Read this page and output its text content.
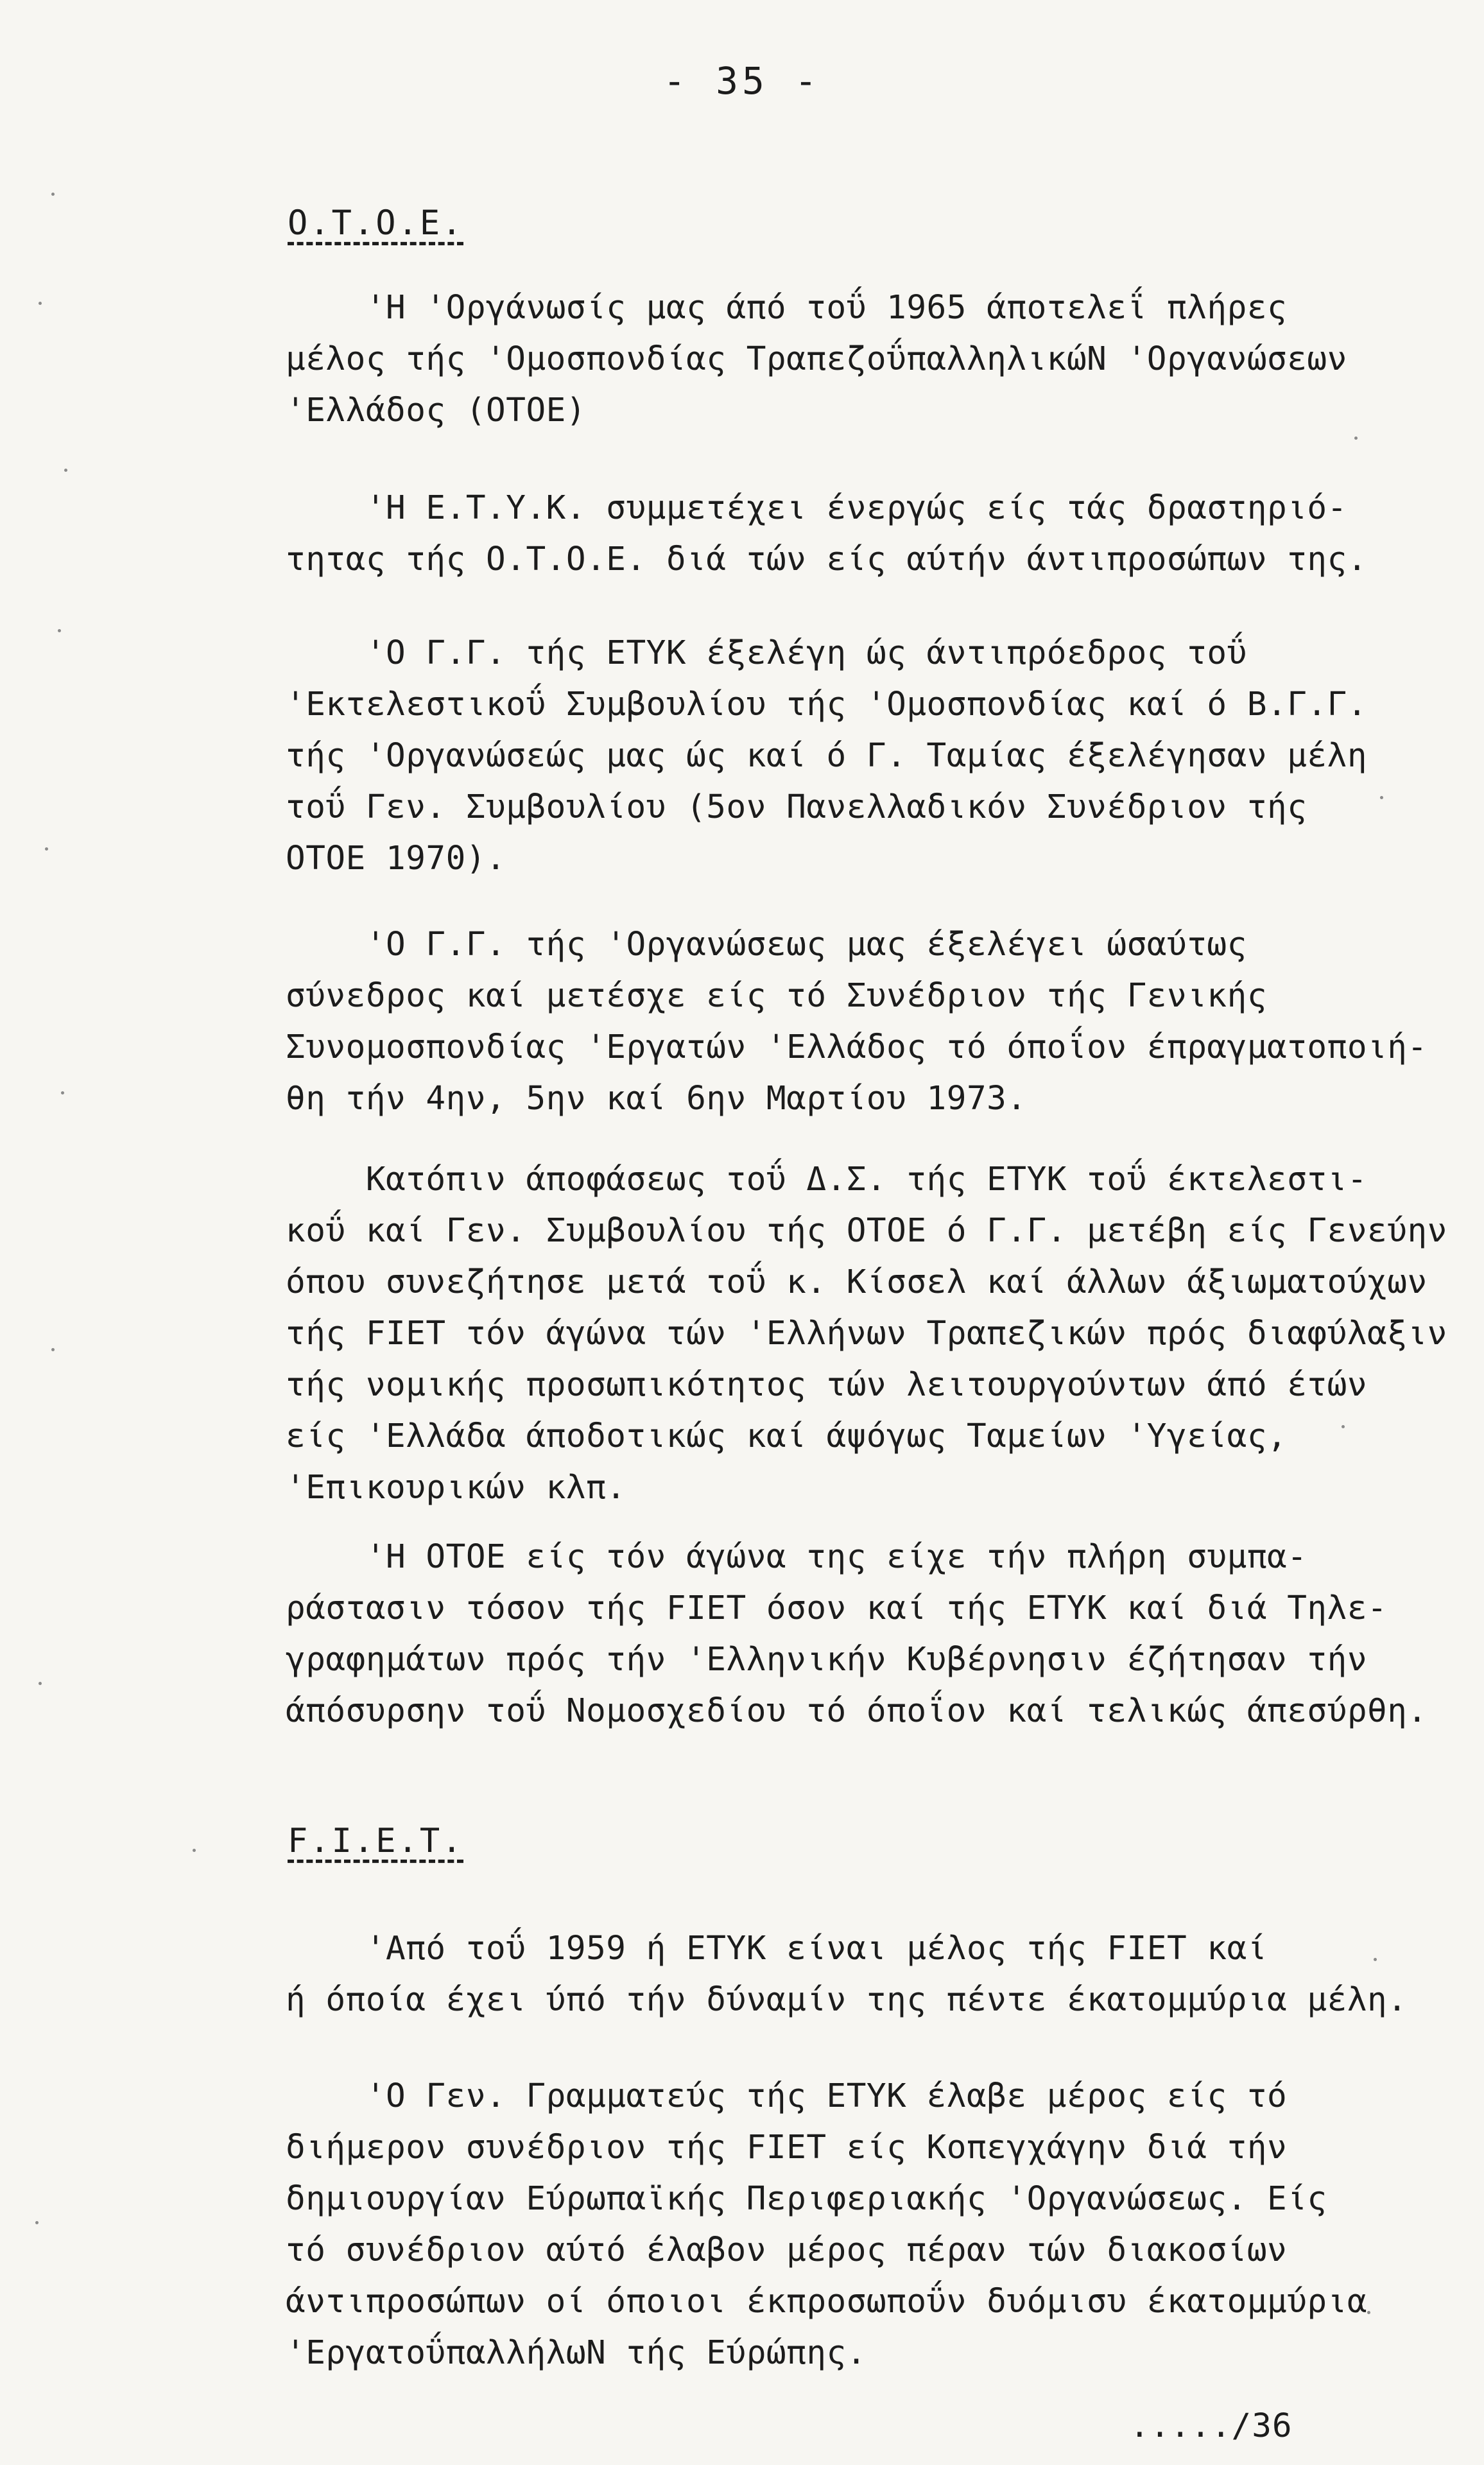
- 35 -
Ο.Τ.Ο.Ε.
'Η 'Οργάνωσίς μας άπό τοΰ 1965 άποτελεΐ πλήρες
μέλος τής 'Ομοσπονδίας ΤραπεζοΰπαλληλικώΝ 'Οργανώσεων
'Ελλάδος (ΟΤΟΕ)
'Η Ε.Τ.Υ.Κ. συμμετέχει ένεργώς είς τάς δραστηριό-
τητας τής Ο.Τ.Ο.Ε. διά τών είς αύτήν άντιπροσώπων της.
'Ο Γ.Γ. τής ΕΤΥΚ έξελέγη ώς άντιπρόεδρος τοΰ
'Εκτελεστικοΰ Συμβουλίου τής 'Ομοσπονδίας καί ό Β.Γ.Γ.
τής 'Οργανώσεώς μας ώς καί ό Γ. Ταμίας έξελέγησαν μέλη
τοΰ Γεν. Συμβουλίου (5ον Πανελλαδικόν Συνέδριον τής
ΟΤΟΕ 1970).
'Ο Γ.Γ. τής 'Οργανώσεως μας έξελέγει ώσαύτως
σύνεδρος καί μετέσχε είς τό Συνέδριον τής Γενικής
Συνομοσπονδίας 'Εργατών 'Ελλάδος τό όποΐον έπραγματοποιή-
θη τήν 4ην, 5ην καί 6ην Μαρτίου 1973.
Κατόπιν άποφάσεως τοΰ Δ.Σ. τής ΕΤΥΚ τοΰ έκτελεστι-
κοΰ καί Γεν. Συμβουλίου τής ΟΤΟΕ ό Γ.Γ. μετέβη είς Γενεύην
όπου συνεζήτησε μετά τοΰ κ. Κίσσελ καί άλλων άξιωματούχων
τής FIET τόν άγώνα τών 'Ελλήνων Τραπεζικών πρός διαφύλαξιν
τής νομικής προσωπικότητος τών λειτουργούντων άπό έτών
είς 'Ελλάδα άποδοτικώς καί άψόγως Ταμείων 'Υγείας,
'Επικουρικών κλπ.
'Η ΟΤΟΕ είς τόν άγώνα της είχε τήν πλήρη συμπα-
ράστασιν τόσον τής FIET όσον καί τής ΕΤΥΚ καί διά Τηλε-
γραφημάτων πρός τήν 'Ελληνικήν Κυβέρνησιν έζήτησαν τήν
άπόσυρσην τοΰ Νομοσχεδίου τό όποΐον καί τελικώς άπεσύρθη.
F.I.E.T.
'Από τοΰ 1959 ή ΕΤΥΚ είναι μέλος τής FIET καί
ή όποία έχει ύπό τήν δύναμίν της πέντε έκατομμύρια μέλη.
'Ο Γεν. Γραμματεύς τής ΕΤΥΚ έλαβε μέρος είς τό
διήμερον συνέδριον τής FIET είς Κοπεγχάγην διά τήν
δημιουργίαν Εύρωπαϊκής Περιφεριακής 'Οργανώσεως. Είς
τό συνέδριον αύτό έλαβον μέρος πέραν τών διακοσίων
άντιπροσώπων οί όποιοι έκπροσωποΰν δυόμισυ έκατομμύρια
'ΕργατοΰπαλλήλωΝ τής Εύρώπης.
...../36
